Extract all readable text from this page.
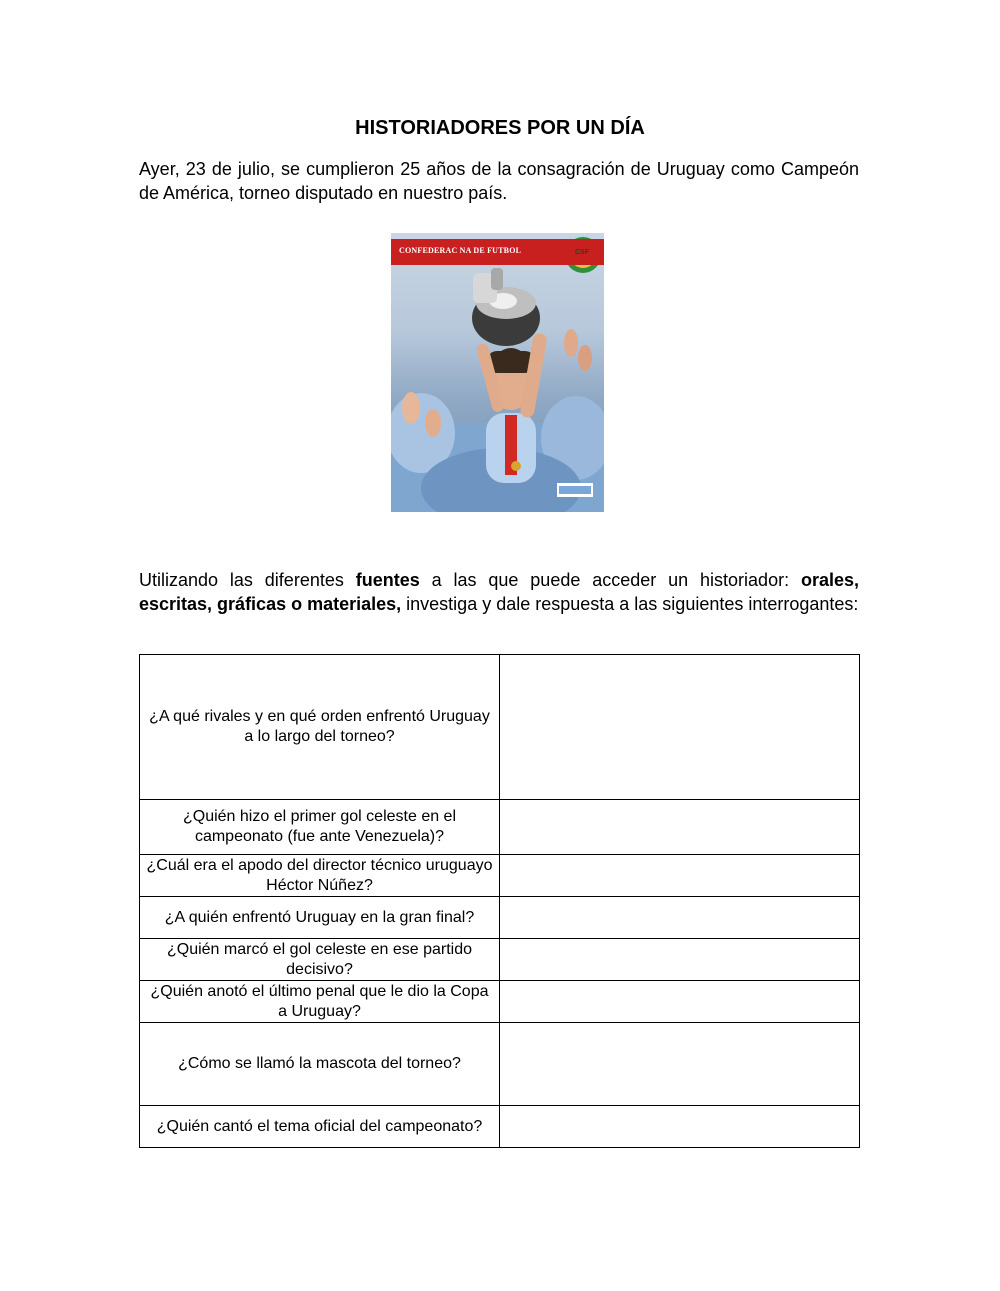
HISTORIADORES POR UN DÍA

Ayer, 23 de julio, se cumplieron 25 años de la consagración de Uruguay como Campeón de América, torneo disputado en nuestro país.

CONFEDERAC NA DE FUTBOL	CSF

Utilizando las diferentes fuentes a las que puede acceder un historiador: orales, escritas, gráficas o materiales, investiga y dale respuesta a las siguientes interrogantes:

¿A qué rivales y en qué orden enfrentó Uruguay a lo largo del torneo?	
¿Quién hizo el primer gol celeste en el campeonato (fue ante Venezuela)?	
¿Cuál era el apodo del director técnico uruguayo Héctor Núñez?	
¿A quién enfrentó Uruguay en la gran final?	
¿Quién marcó el gol celeste en ese partido decisivo?	
¿Quién anotó el último penal que le dio la Copa a Uruguay?	
¿Cómo se llamó la mascota del torneo?	
¿Quién cantó el tema oficial del campeonato?	
